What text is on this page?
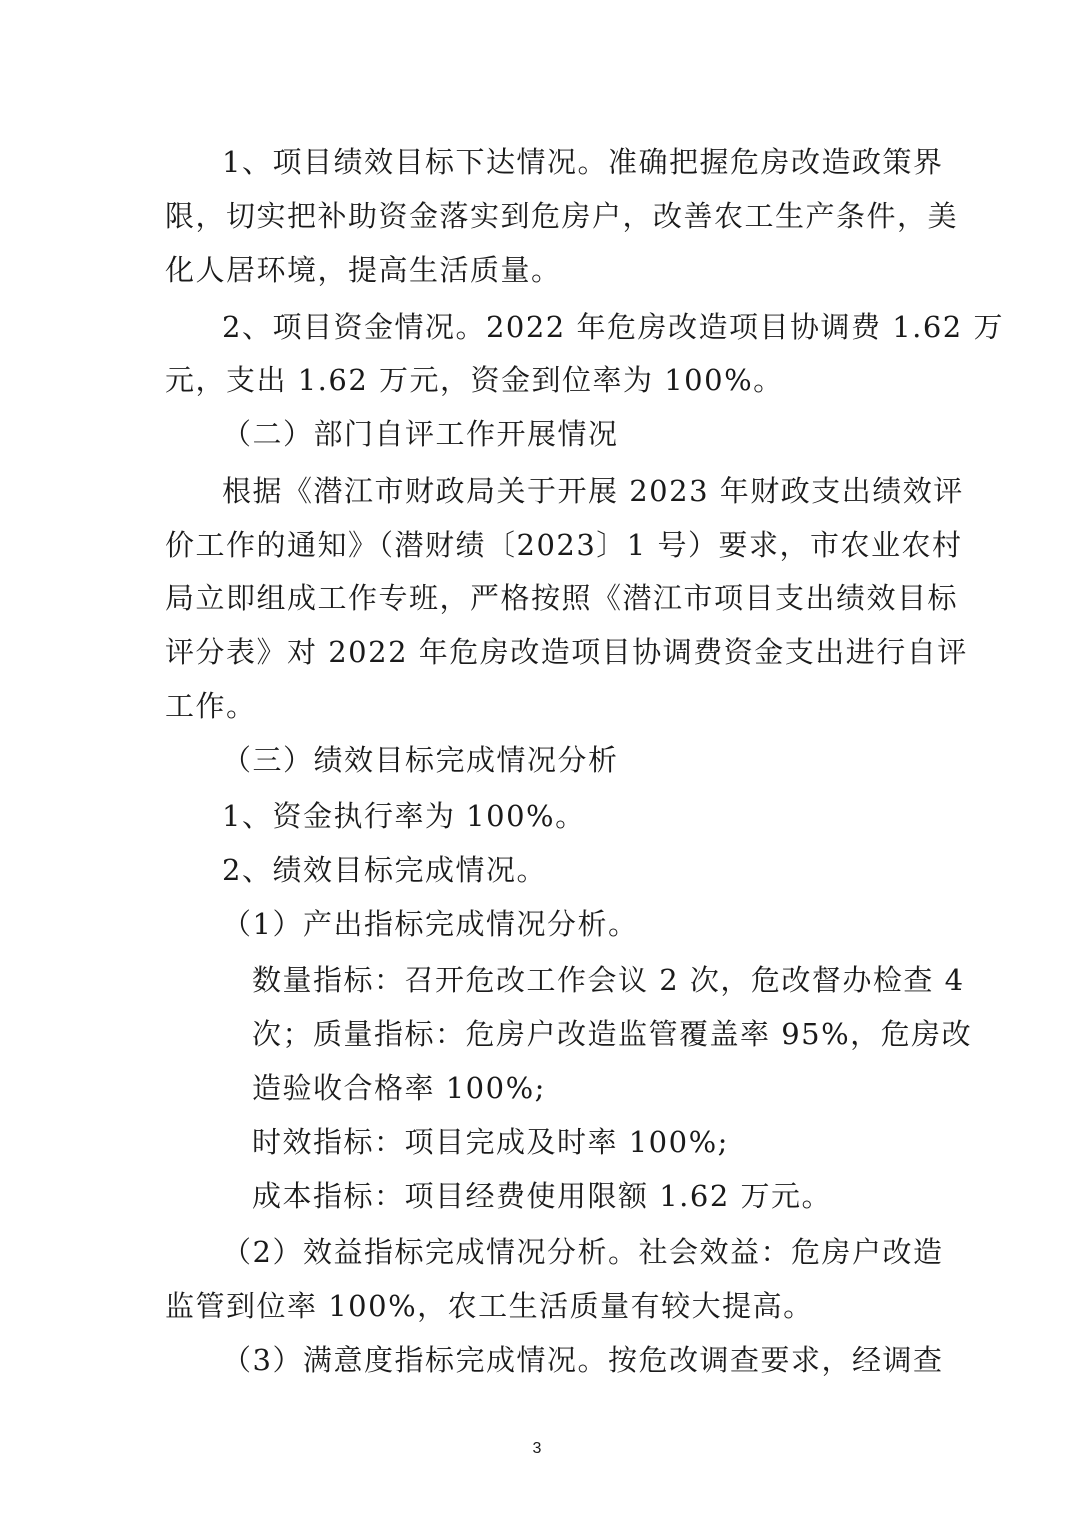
1、项目绩效目标下达情况。准确把握危房改造政策界
限，切实把补助资金落实到危房户，改善农工生产条件，美
化人居环境，提高生活质量。
2、项目资金情况。2022 年危房改造项目协调费 1.62 万
元，支出 1.62 万元，资金到位率为 100%。
（二）部门自评工作开展情况
根据《潜江市财政局关于开展 2023 年财政支出绩效评
价工作的通知》（潜财绩〔2023〕1 号）要求，市农业农村
局立即组成工作专班，严格按照《潜江市项目支出绩效目标
评分表》对 2022 年危房改造项目协调费资金支出进行自评
工作。
（三）绩效目标完成情况分析
1、资金执行率为 100%。
2、绩效目标完成情况。
（1）产出指标完成情况分析。
数量指标：召开危改工作会议 2 次，危改督办检查 4
次；质量指标：危房户改造监管覆盖率 95%，危房改
造验收合格率 100%;
时效指标：项目完成及时率 100%;
成本指标：项目经费使用限额 1.62 万元。
（2）效益指标完成情况分析。社会效益：危房户改造
监管到位率 100%，农工生活质量有较大提高。
（3）满意度指标完成情况。按危改调查要求，经调查
3
